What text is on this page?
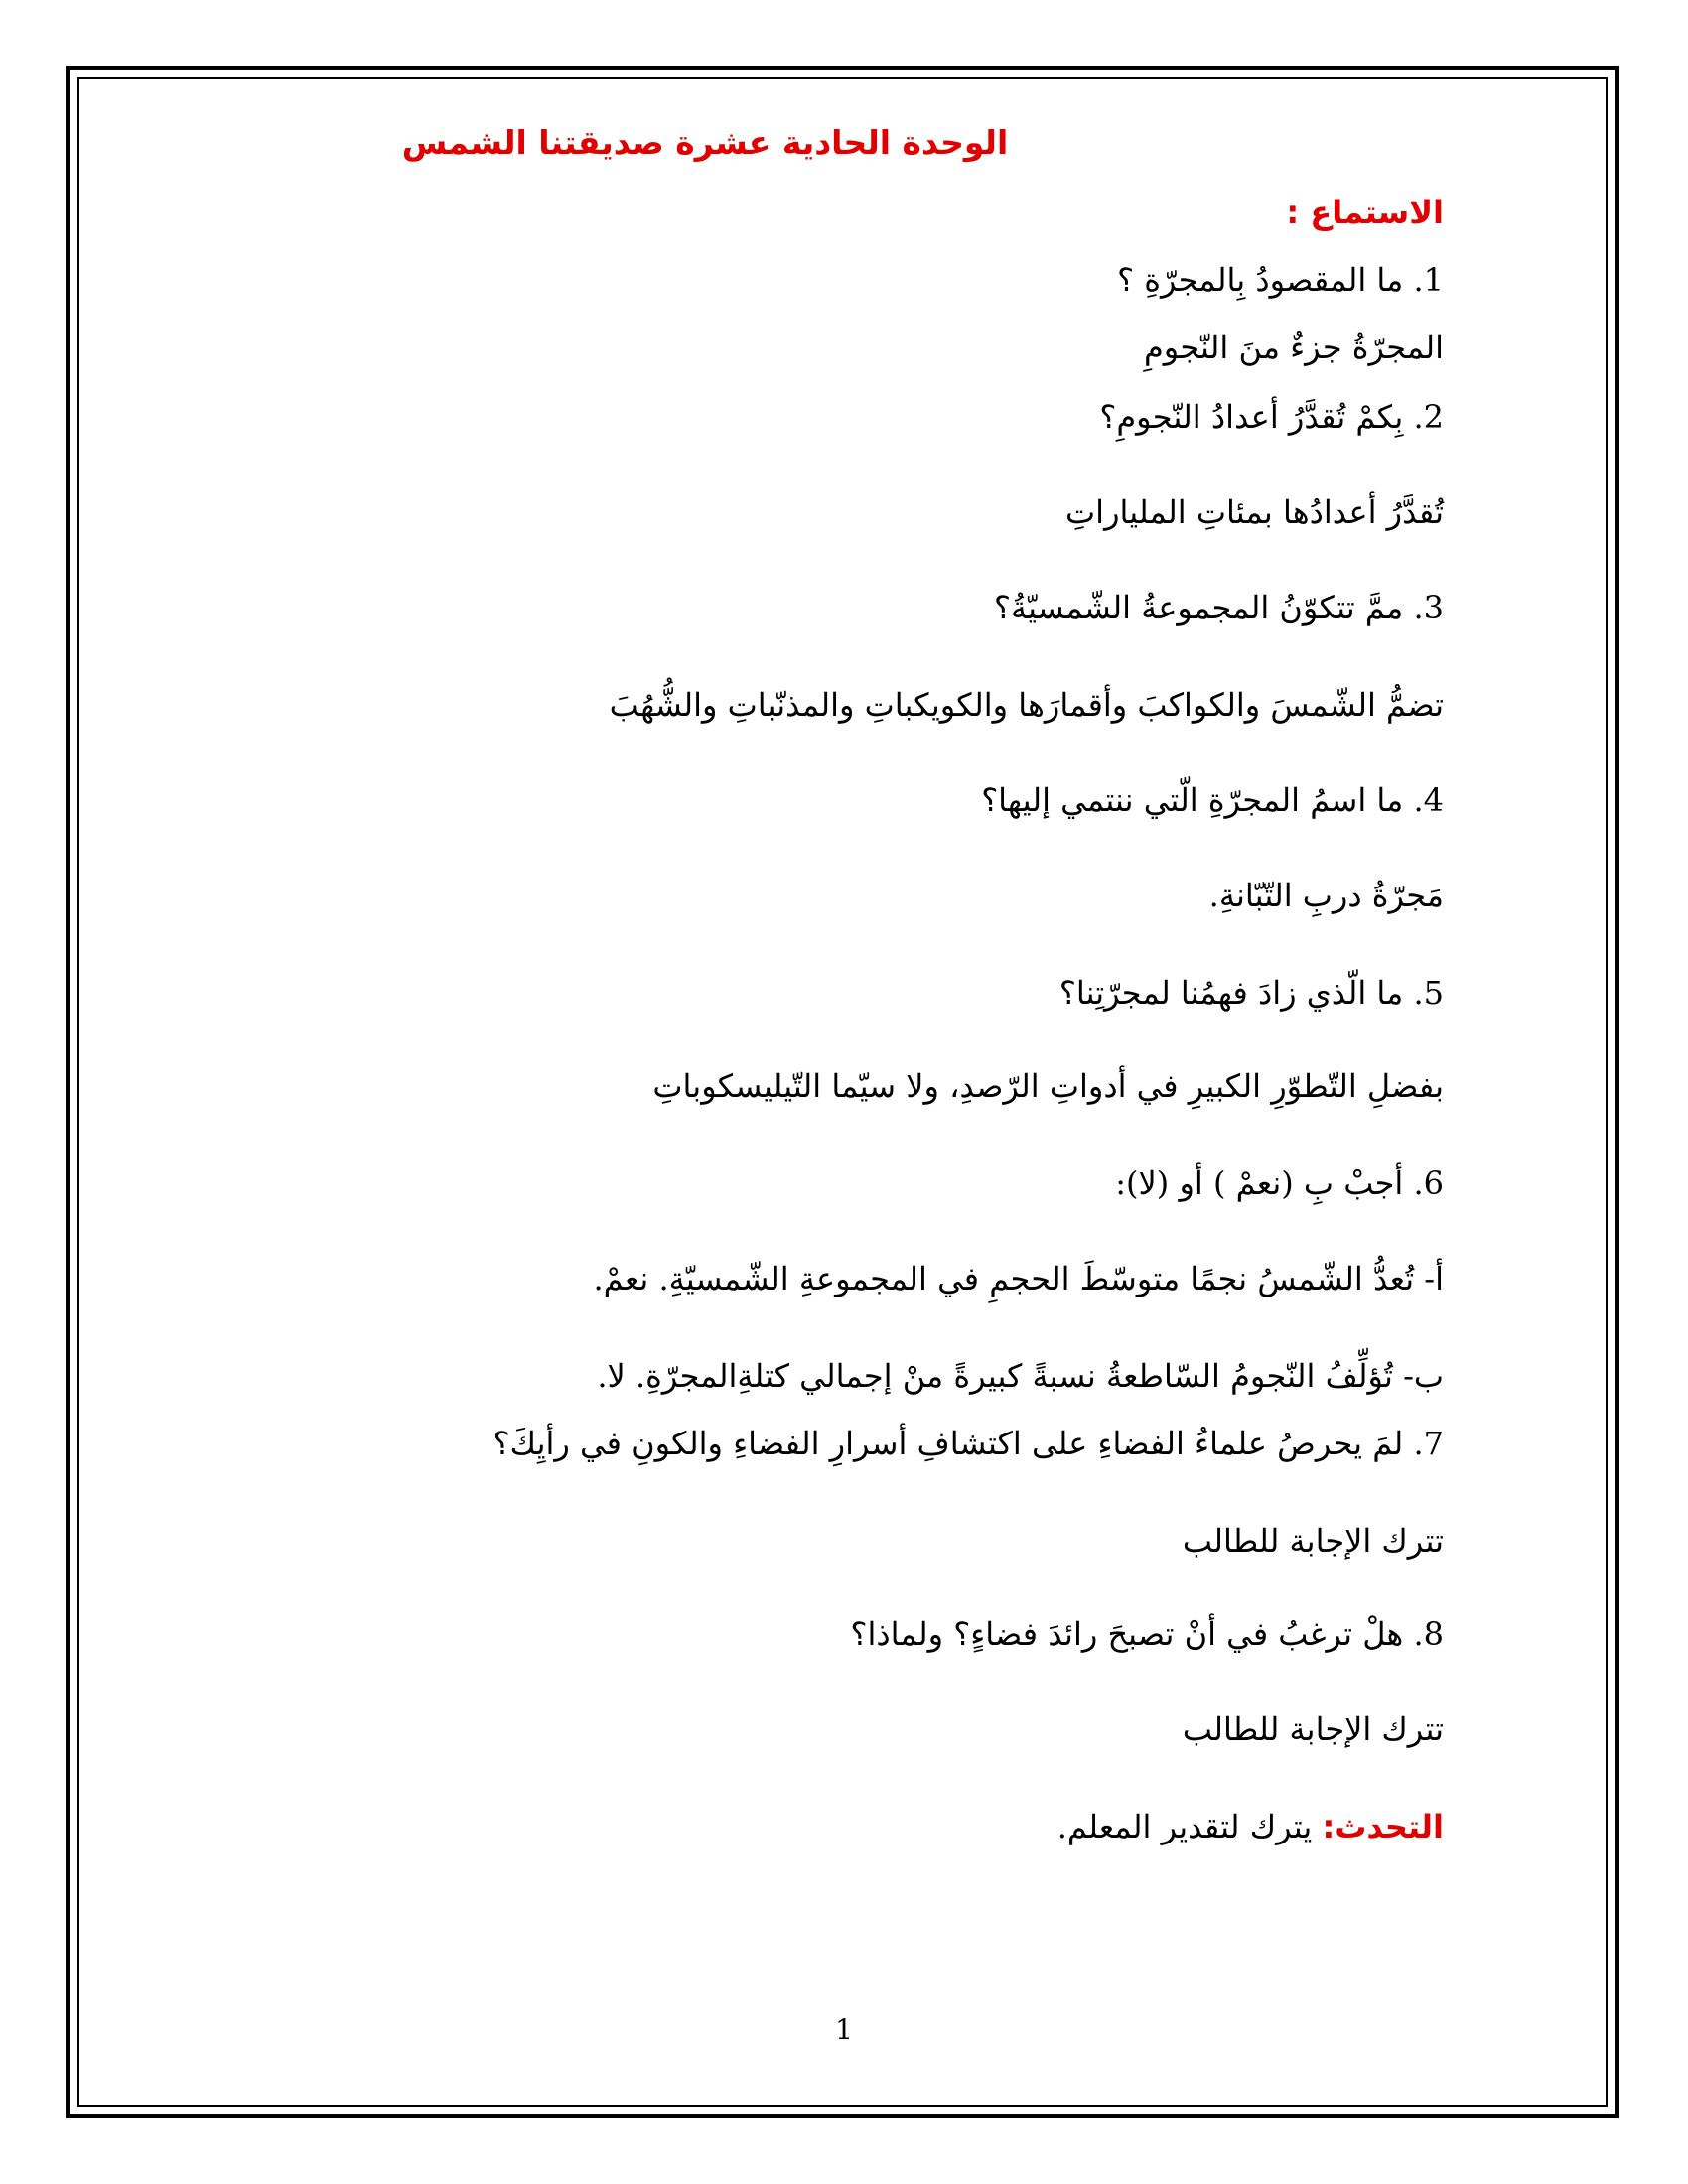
الوحدة الحادية عشرة صديقتنا الشمس
الاستماع :
1. ما المقصودُ بِالمجرّةِ ؟
المجرّةُ جزءٌ منَ النّجومِ
2. بِكمْ تُقدَّرُ أعدادُ النّجومِ؟
تُقدَّرُ أعدادُها بمئاتِ الملياراتِ
3. ممَّ تتكوّنُ المجموعةُ الشّمسيّةُ؟
تضمُّ الشّمسَ والكواكبَ وأقمارَها والكويكباتِ والمذنّباتِ والشُّهُبَ
4. ما اسمُ المجرّةِ الّتي ننتمي إليها؟
مَجرّةُ دربِ التّبّانةِ.
5. ما الّذي زادَ فهمُنا لمجرّتِنا؟
بفضلِ التّطوّرِ الكبيرِ في أدواتِ الرّصدِ، ولا سيّما التّيليسكوباتِ
6. أجبْ بِ (نعمْ ) أو (لا):
أ- تُعدُّ الشّمسُ نجمًا متوسّطَ الحجمِ في المجموعةِ الشّمسيّةِ. نعمْ.
ب- تُؤلِّفُ النّجومُ السّاطعةُ نسبةً كبيرةً منْ إجمالي كتلةِالمجرّةِ. لا.
7. لمَ يحرصُ علماءُ الفضاءِ على اكتشافِ أسرارِ الفضاءِ والكونِ في رأيِكَ؟
تترك الإجابة للطالب
8. هلْ ترغبُ في أنْ تصبحَ رائدَ فضاءٍ؟ ولماذا؟
تترك الإجابة للطالب
التحدث: يترك لتقدير المعلم.
1
